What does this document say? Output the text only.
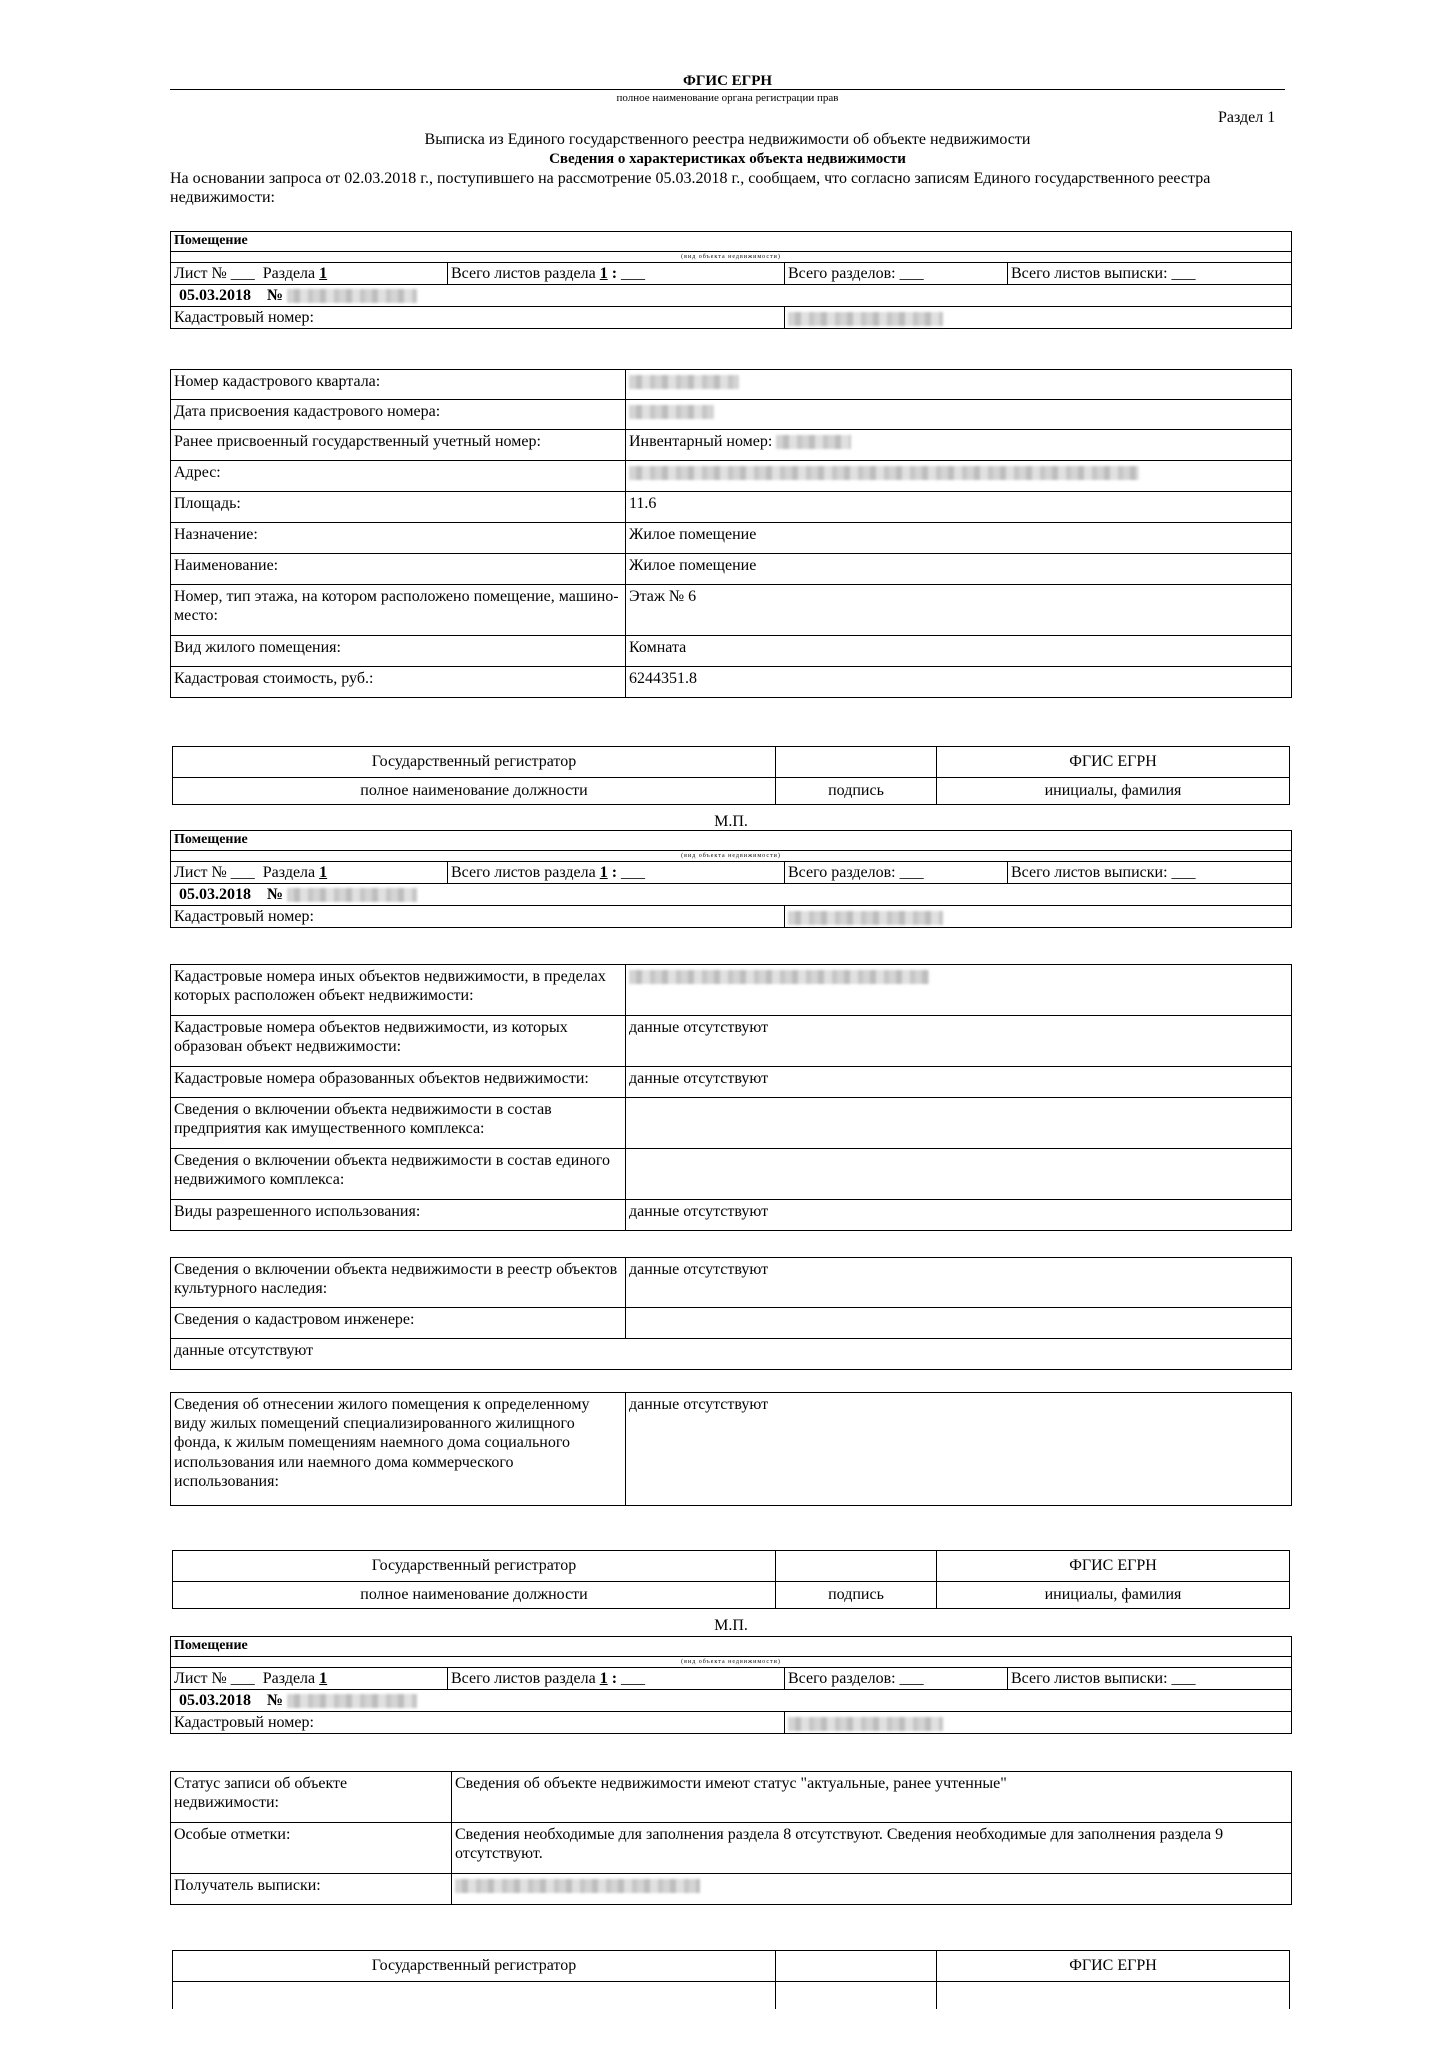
ФГИС ЕГРН
полное наименование органа регистрации прав
Раздел 1
Выписка из Единого государственного реестра недвижимости об объекте недвижимости
Сведения о характеристиках объекта недвижимости
На основании запроса от 02.03.2018 г., поступившего на рассмотрение 05.03.2018 г., сообщаем, что согласно записям Единого государственного реестра недвижимости:
Помещение			
(вид объекта недвижимости)			
Лист № ___ Раздела 1	Всего листов раздела 1 : ___	Всего разделов: ___	Всего листов выписки: ___
05.03.2018 №			
Кадастровый номер:			
Номер кадастрового квартала:	
Дата присвоения кадастрового номера:	
Ранее присвоенный государственный учетный номер:	Инвентарный номер:
Адрес:	
Площадь:	11.6
Назначение:	Жилое помещение
Наименование:	Жилое помещение
Номер, тип этажа, на котором расположено помещение, машино-место:	Этаж № 6
Вид жилого помещения:	Комната
Кадастровая стоимость, руб.:	6244351.8
Государственный регистратор		ФГИС ЕГРН
полное наименование должности	подпись	инициалы, фамилия
М.П.
Помещение			
(вид объекта недвижимости)			
Лист № ___ Раздела 1	Всего листов раздела 1 : ___	Всего разделов: ___	Всего листов выписки: ___
05.03.2018 №			
Кадастровый номер:			
Кадастровые номера иных объектов недвижимости, в пределах которых расположен объект недвижимости:	
Кадастровые номера объектов недвижимости, из которых образован объект недвижимости:	данные отсутствуют
Кадастровые номера образованных объектов недвижимости:	данные отсутствуют
Сведения о включении объекта недвижимости в состав предприятия как имущественного комплекса:	
Сведения о включении объекта недвижимости в состав единого недвижимого комплекса:	
Виды разрешенного использования:	данные отсутствуют
Сведения о включении объекта недвижимости в реестр объектов культурного наследия:	данные отсутствуют
Сведения о кадастровом инженере:	
данные отсутствуют	
Сведения об отнесении жилого помещения к определенному виду жилых помещений специализированного жилищного фонда, к жилым помещениям наемного дома социального использования или наемного дома коммерческого использования:	данные отсутствуют
Государственный регистратор		ФГИС ЕГРН
полное наименование должности	подпись	инициалы, фамилия
М.П.
Помещение			
(вид объекта недвижимости)			
Лист № ___ Раздела 1	Всего листов раздела 1 : ___	Всего разделов: ___	Всего листов выписки: ___
05.03.2018 №			
Кадастровый номер:			
Статус записи об объекте недвижимости:	Сведения об объекте недвижимости имеют статус "актуальные, ранее учтенные"
Особые отметки:	Сведения необходимые для заполнения раздела 8 отсутствуют. Сведения необходимые для заполнения раздела 9 отсутствуют.
Получатель выписки:	
Государственный регистратор		ФГИС ЕГРН
